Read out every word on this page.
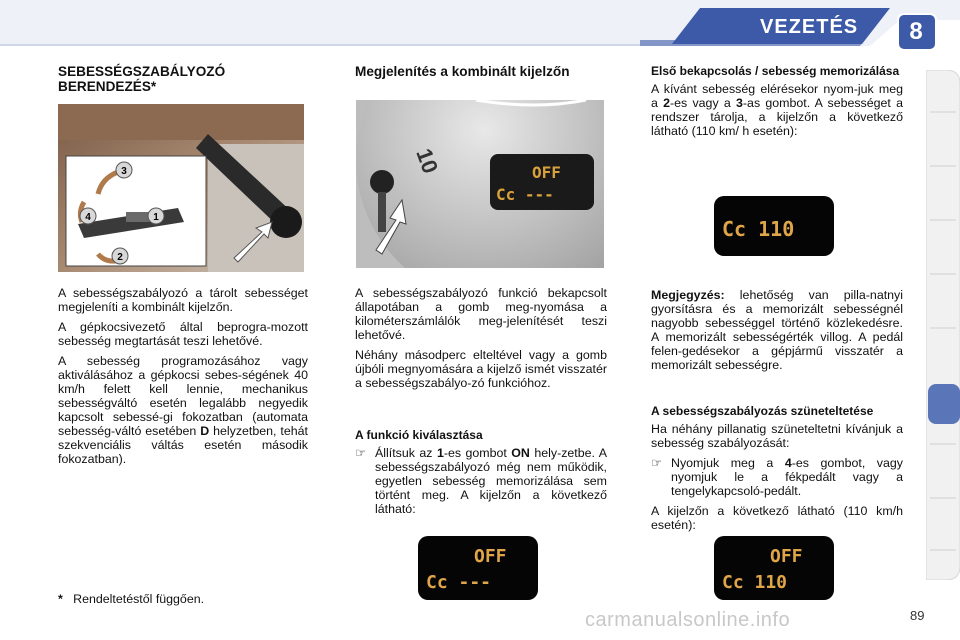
VEZETÉS	8
SEBESSÉGSZABÁLYOZÓ BERENDEZÉS*
3
1
4
2

A sebességszabályozó a tárolt sebességet megjeleníti a kombinált kijelzőn.

A gépkocsivezető által beprogra-mozott sebesség megtartását teszi lehetővé.

A sebesség programozásához vagy aktiválásához a gépkocsi sebes-ségének 40 km/h felett kell lennie, mechanikus sebességváltó esetén legalább negyedik kapcsolt sebessé-gi fokozatban (automata sebesség-váltó esetében D helyzetben, tehát szekvenciális váltás esetén második fokozatban).

* Rendeltetéstől függően.
Megjelenítés a kombinált kijelzőn
10	OFF
Cc ---

A sebességszabályozó funkció bekapcsolt állapotában a gomb meg-nyomása a kilométerszámlálók meg-jelenítését teszi lehetővé.

Néhány másodperc elteltével vagy a gomb újbóli megnyomására a kijelző ismét visszatér a sebességszabályo-zó funkcióhoz.

A funkció kiválasztása
☞ Állítsuk az 1-es gombot ON hely-zetbe. A sebességszabályozó még nem működik, egyetlen sebesség memorizálása sem történt meg. A kijelzőn a következő látható:
OFF
Cc ---
Első bekapcsolás / sebesség memorizálása

A kívánt sebesség elérésekor nyom-juk meg a 2-es vagy a 3-as gombot. A sebességet a rendszer tárolja, a kijelzőn a következő látható (110 km/ h esetén):

Cc 110

Megjegyzés: lehetőség van pilla-natnyi gyorsításra és a memorizált sebességnél nagyobb sebességgel történő közlekedésre. A memorizált sebességérték villog. A pedál felen-gedésekor a gépjármű visszatér a memorizált sebességre.

A sebességszabályozás szüneteltetése

Ha néhány pillanatig szüneteltetni kívánjuk a sebesség szabályozását:

☞ Nyomjuk meg a 4-es gombot, vagy nyomjuk le a fékpedált vagy a tengelykapcsoló-pedált.

A kijelzőn a következő látható (110 km/h esetén):

OFF
Cc 110
carmanualsonline.info	89
